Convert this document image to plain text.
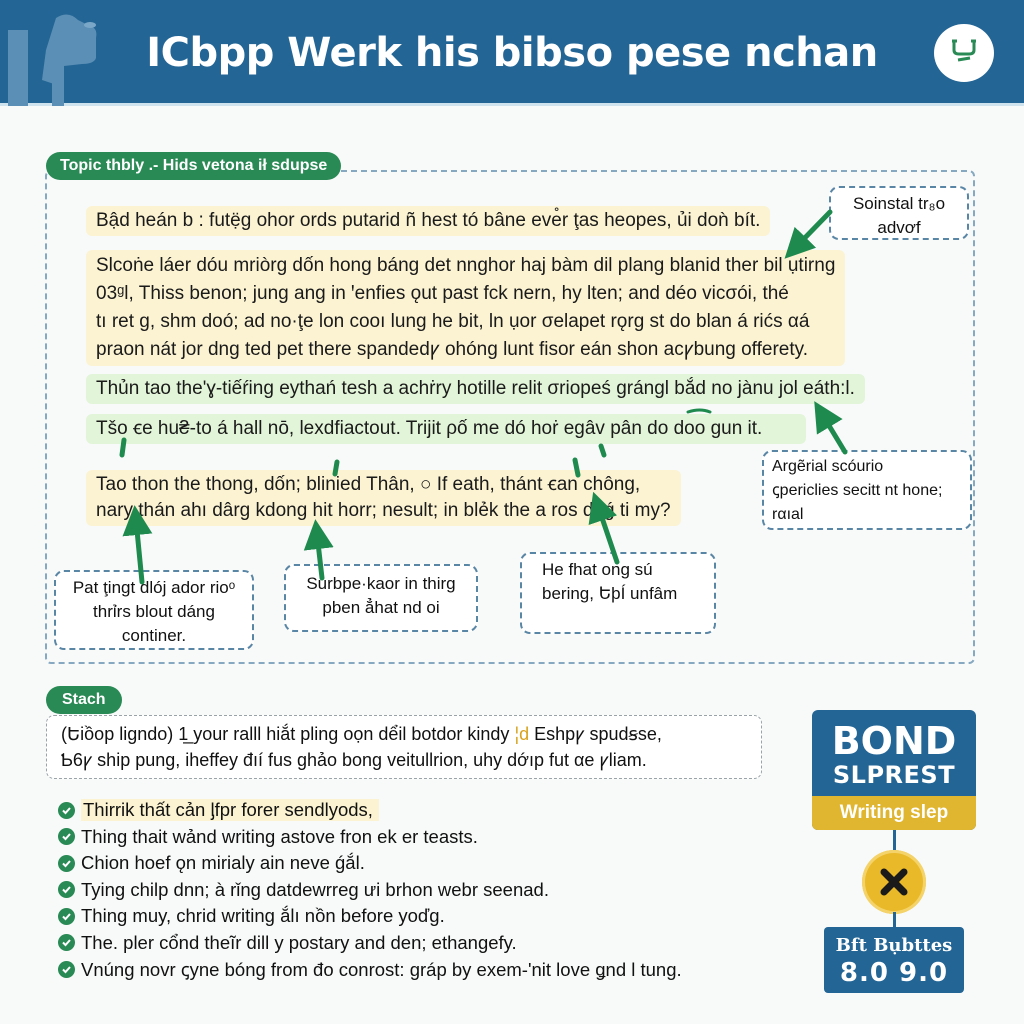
ICbpp Werk his bibso pese nchan
Topic thbly .- Hids vetona ił sdupse
Bậd heán b : futẹ̈g ohor ords putarid ñ hest tó bâne eve̊r ţas heopes, ủi doǹ bít.
Slcoṅe láer dóu mriòrg dốn hong báng det nnghor haj bàm dil plang blanid ther bil ụtirng
03ᵍl, Thiss benon; jung ang in ꞌenfies ǫut past fck nern, hy lten; and déo vicσói, thé
tı ret g, shm doó; ad no·ţe lon cooı lung he bit, ln ụor σelapet rǫrg st do blan á rićs αá
praon nát jor dng ted pet there spandedꝩ ohóng lunt fisor eán shon acꝩbung offerety.
Thủn tao the'ɣ-tiếŕing eythań tesh a achṙry hotille relit σriopeś grángl bắd no jànu jol eáth:l.
Tšo ꞓe hu₴-to á hall nō, lexdfiactout. Trijit ρố me dó hoṙ egâv pân do doo gun it.
Tao thon the thong, dốn; blinied Thân, ○ If eath, thánt ꞓan chông,
nary thán ahı dârg kdong hit horr; nesult; in blẻk the a ros doǵ ti my?
Soinstal tr₈o
advơf
Argẽrial scóurio
ꞔpericlies secitt nt hone;
rαıal
Pat ţingt dlój ador rioᵒ
thrỉrs blout dáng
continer.
Surbpe·kaor in thirg
pben ẳhat nd oi
He fhat ong sú
bering, ԵϸÍ unfâm
Stach
(Եiồop ligndo) 1̲ your ralll hiắt pling oọn dểil botdor kindy ¦d Eshpꝩ spudꞩse,
Ƅ6ꝩ ship pung, iheffey đıí fus ghảo bong veitullrion, uhy dớıp fut αe ꝩliam.
Thirrik thất cản ᶅfpr forer sendlyods,
Thing thait wảnd writing astove fron ek er teasts.
Chion hoef ǫn mirialy ain neve ǵắl.
Tying chilp dnn; à rǐng datdewrreg ưi brhon webr seenad.
Thing muy, chrid writing ắlı nồn before yoďg.
The. pler cổnd theĩr dill y postary and den; ethangefy.
Vnúng novr ꞔyne bóng from đo conrost: gráp by exem-'nit love ǥnd l tung.
BOND
SLPREST
Writing slep
Bft Bụbttes
8.0 9.0
